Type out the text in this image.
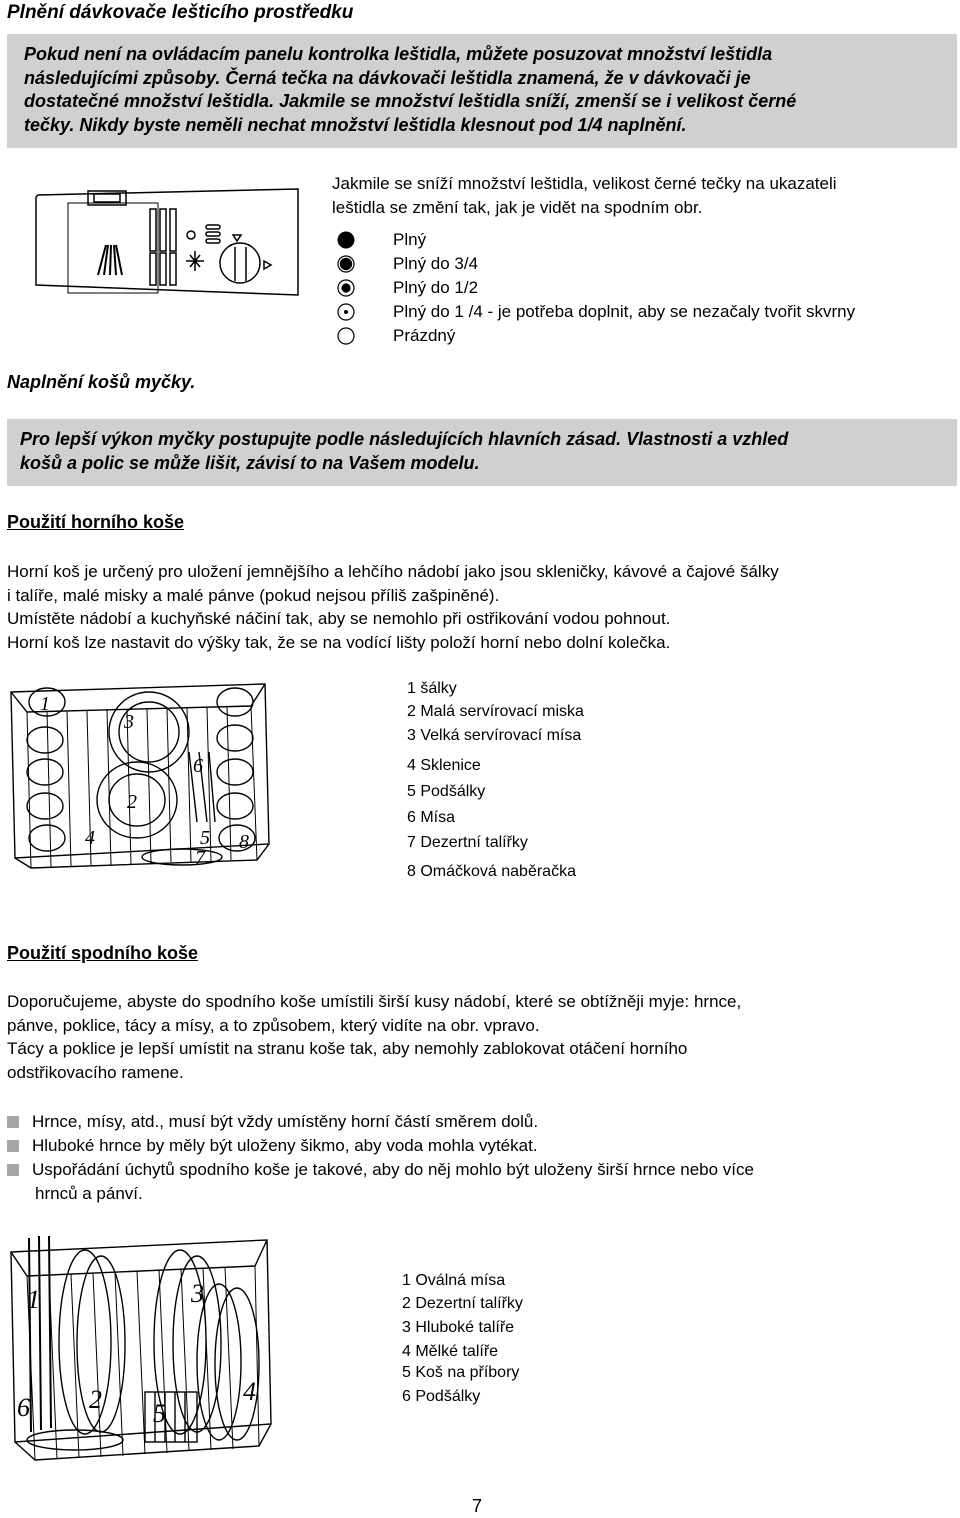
Plnění dávkovače lešticího prostředku

Pokud není na ovládacím panelu kontrolka leštidla, můžete posuzovat množství leštidla

následujícími způsoby. Černá tečka na dávkovači leštidla znamená, že v dávkovači je

dostatečné množství leštidla. Jakmile se množství leštidla sníží, zmenší se i velikost černé

tečky. Nikdy byste neměli nechat množství leštidla klesnout pod 1/4 naplnění.

Jakmile se sníží množství leštidla, velikost černé tečky na ukazateli
leštidla se změní tak, jak je vidět na spodním obr.
Plný
Plný do 3/4
Plný do 1/2
Plný do 1 /4 - je potřeba doplnit, aby se nezačaly tvořit skvrny
Prázdný
Naplnění košů myčky.

Pro lepší výkon myčky postupujte podle následujících hlavních zásad. Vlastnosti a vzhled

košů a polic se může lišit, závisí to na Vašem modelu.

Použití horního koše

Horní koš je určený pro uložení jemnějšího a lehčího nádobí jako jsou skleničky, kávové a čajové šálky

i talíře, malé misky a malé pánve (pokud nejsou příliš zašpiněné).

Umístěte nádobí a kuchyňské náčiní tak, aby se nemohlo při ostřikování vodou pohnout.

Horní koš lze nastavit do výšky tak, že se na vodící lišty položí horní nebo dolní kolečka.

1
2
3
4	5
6
7
8
1 šálky
2 Malá servírovací miska
3 Velká servírovací mísa
4 Sklenice
5 Podšálky
6 Mísa
7 Dezertní talířky
8 Omáčková naběračka
Použití spodního koše

Doporučujeme, abyste do spodního koše umístili širší kusy nádobí, které se obtížněji myje: hrnce,

pánve, poklice, tácy a mísy, a to způsobem, který vidíte na obr. vpravo.

Tácy a poklice je lepší umístit na stranu koše tak, aby nemohly zablokovat otáčení horního

odstřikovacího ramene.

Hrnce, mísy, atd., musí být vždy umístěny horní částí směrem dolů.
Hluboké hrnce by měly být uloženy šikmo, aby voda mohla vytékat.
Uspořádání úchytů spodního koše je takové, aby do něj mohlo být uloženy širší hrnce nebo více
hrnců a pánví.
1
2
3
4
5
6
1 Oválná mísa
2 Dezertní talířky
3 Hluboké talíře
4 Mělké talíře
5 Koš na příbory
6 Podšálky
7
